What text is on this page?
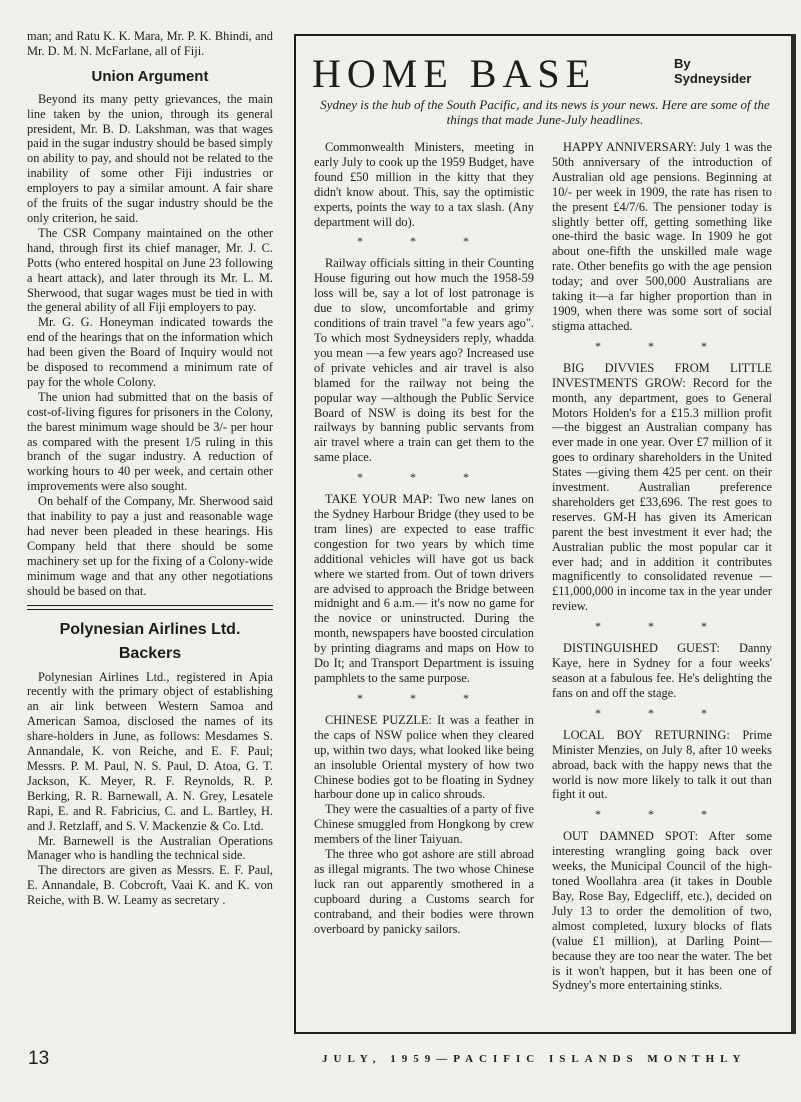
man; and Ratu K. K. Mara, Mr. P. K. Bhindi, and Mr. D. M. N. McFarlane, all of Fiji.

Union Argument

Beyond its many petty grievances, the main line taken by the union, through its general president, Mr. B. D. Lakshman, was that wages paid in the sugar industry should be based simply on ability to pay, and should not be related to the inability of some other Fiji industries or employers to pay a similar amount. A fair share of the fruits of the sugar industry should be the only criterion, he said.

The CSR Company maintained on the other hand, through first its chief manager, Mr. J. C. Potts (who entered hospital on June 23 following a heart attack), and later through its Mr. L. M. Sherwood, that sugar wages must be tied in with the general ability of all Fiji employers to pay.

Mr. G. G. Honeyman indicated towards the end of the hearings that on the information which had been given the Board of Inquiry would not be disposed to recommend a minimum rate of pay for the whole Colony.

The union had submitted that on the basis of cost-of-living figures for prisoners in the Colony, the barest minimum wage should be 3/- per hour as compared with the present 1/5 ruling in this branch of the sugar industry. A reduction of working hours to 40 per week, and certain other improvements were also sought.

On behalf of the Company, Mr. Sherwood said that inability to pay a just and reasonable wage had never been pleaded in these hearings. His Company held that there should be some machinery set up for the fixing of a Colony-wide minimum wage and that any other negotiations should be based on that.

Polynesian Airlines Ltd.
Backers

Polynesian Airlines Ltd., registered in Apia recently with the primary object of establishing an air link between Western Samoa and American Samoa, disclosed the names of its share-holders in June, as follows: Mesdames S. Annandale, K. von Reiche, and E. F. Paul; Messrs. P. M. Paul, N. S. Paul, D. Atoa, G. T. Jackson, K. Meyer, R. F. Reynolds, R. P. Berking, R. R. Barnewall, A. N. Grey, Lesatele Rapi, E. and R. Fabricius, C. and L. Bartley, H. and J. Retzlaff, and S. V. Mackenzie & Co. Ltd.

Mr. Barnewell is the Australian Operations Manager who is handling the technical side.

The directors are given as Messrs. E. F. Paul, E. Annandale, B. Cobcroft, Vaai K. and K. von Reiche, with B. W. Leamy as secretary .

HOME BASE	By
Sydneysider

Sydney is the hub of the South Pacific, and its news is your news. Here are some of the things that made June-July headlines.

Commonwealth Ministers, meeting in early July to cook up the 1959 Budget, have found £50 million in the kitty that they didn't know about. This, say the optimistic experts, points the way to a tax slash. (Any department will do).

* * *

Railway officials sitting in their Counting House figuring out how much the 1958-59 loss will be, say a lot of lost patronage is due to slow, uncomfortable and grimy conditions of train travel "a few years ago". To which most Sydneysiders reply, whadda you mean —a few years ago? Increased use of private vehicles and air travel is also blamed for the railway not being the popular way —although the Public Service Board of NSW is doing its best for the railways by banning public servants from air travel where a train can get them to the same place.

* * *

TAKE YOUR MAP: Two new lanes on the Sydney Harbour Bridge (they used to be tram lines) are expected to ease traffic congestion for two years by which time additional vehicles will have got us back where we started from. Out of town drivers are advised to approach the Bridge between midnight and 6 a.m.— it's now no game for the novice or uninstructed. During the month, newspapers have boosted circulation by printing diagrams and maps on How to Do It; and Transport Department is issuing pamphlets to the same purpose.

* * *

CHINESE PUZZLE: It was a feather in the caps of NSW police when they cleared up, within two days, what looked like being an insoluble Oriental mystery of how two Chinese bodies got to be floating in Sydney harbour done up in calico shrouds.

They were the casualties of a party of five Chinese smuggled from Hongkong by crew members of the liner Taiyuan.

The three who got ashore are still abroad as illegal migrants. The two whose Chinese luck ran out apparently smothered in a cupboard during a Customs search for contraband, and their bodies were thrown overboard by panicky sailors.

HAPPY ANNIVERSARY: July 1 was the 50th anniversary of the introduction of Australian old age pensions. Beginning at 10/- per week in 1909, the rate has risen to the present £4/7/6. The pensioner today is slightly better off, getting something like one-third the basic wage. In 1909 he got about one-fifth the unskilled male wage rate. Other benefits go with the age pension today; and over 500,000 Australians are taking it—a far higher proportion than in 1909, when there was some sort of social stigma attached.

* * *

BIG DIVVIES FROM LITTLE INVESTMENTS GROW: Record for the month, any department, goes to General Motors Holden's for a £15.3 million profit—the biggest an Australian company has ever made in one year. Over £7 million of it goes to ordinary shareholders in the United States —giving them 425 per cent. on their investment. Australian preference shareholders get £33,696. The rest goes to reserves. GM-H has given its American parent the best investment it ever had; the Australian public the most popular car it ever had; and in addition it contributes magnificently to consolidated revenue —£11,000,000 in income tax in the year under review.

* * *

DISTINGUISHED GUEST: Danny Kaye, here in Sydney for a four weeks' season at a fabulous fee. He's delighting the fans on and off the stage.

* * *

LOCAL BOY RETURNING: Prime Minister Menzies, on July 8, after 10 weeks abroad, back with the happy news that the world is now more likely to talk it out than fight it out.

* * *

OUT DAMNED SPOT: After some interesting wrangling going back over weeks, the Municipal Council of the high-toned Woollahra area (it takes in Double Bay, Rose Bay, Edgecliff, etc.), decided on July 13 to order the demolition of two, almost completed, luxury blocks of flats (value £1 million), at Darling Point—because they are too near the water. The bet is it won't happen, but it has been one of Sydney's more entertaining stinks.

13	JULY, 1959—PACIFIC ISLANDS MONTHLY
